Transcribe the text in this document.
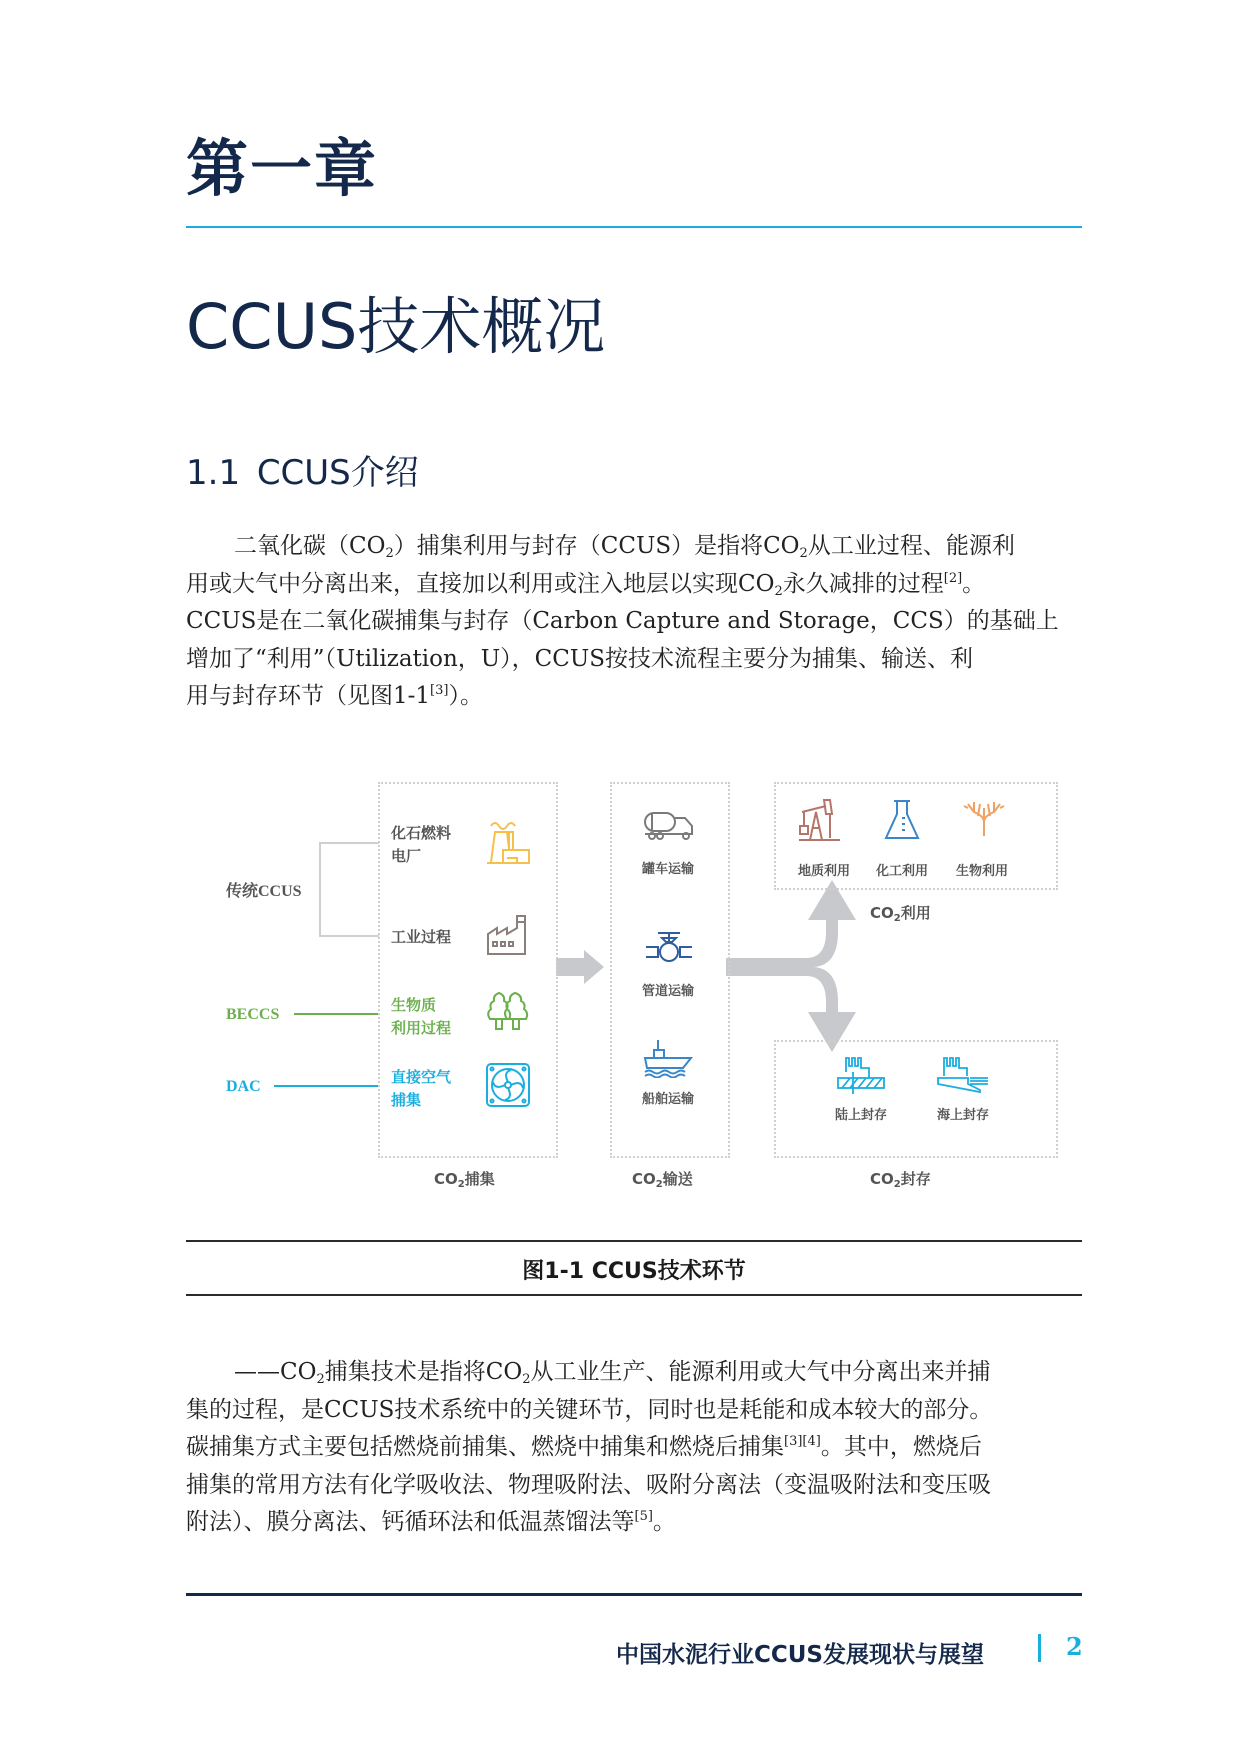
第一章
CCUS技术概况
1.1 CCUS介绍
二氧化碳$(CO_2)$捕集利用与封存（CCUS）是指将$CO_2$从工业过程、能源利
用或大气中分离出来，直接加以利用或注入地层以实现$CO_2$永久减排的过程[2]。
CCUS是在二氧化碳捕集与封存（Carbon Capture and Storage，CCS）的基础上
增加了“利用”（Utilization，U），CCUS按技术流程主要分为捕集、输送、利
用与封存环节（见图1-1[3]）。
传统CCUS
BECCS
DAC
化石燃料
电厂
工业过程
生物质
利用过程
直接空气
捕集
$CO_2$捕集
罐车运输
管道运输
船舶运输
$CO_2$输送
地质利用	化工利用	生物利用
$CO_2$利用
陆上封存	海上封存
$CO_2$封存
图1-1 CCUS技术环节
$——CO_2$捕集技术是指将$CO_2$从工业生产、能源利用或大气中分离出来并捕
集的过程，是CCUS技术系统中的关键环节，同时也是耗能和成本较大的部分。
碳捕集方式主要包括燃烧前捕集、燃烧中捕集和燃烧后捕集[3][4]。其中，燃烧后
捕集的常用方法有化学吸收法、物理吸附法、吸附分离法（变温吸附法和变压吸
附法）、膜分离法、钙循环法和低温蒸馏法等[5]。
中国水泥行业CCUS发展现状与展望	2
